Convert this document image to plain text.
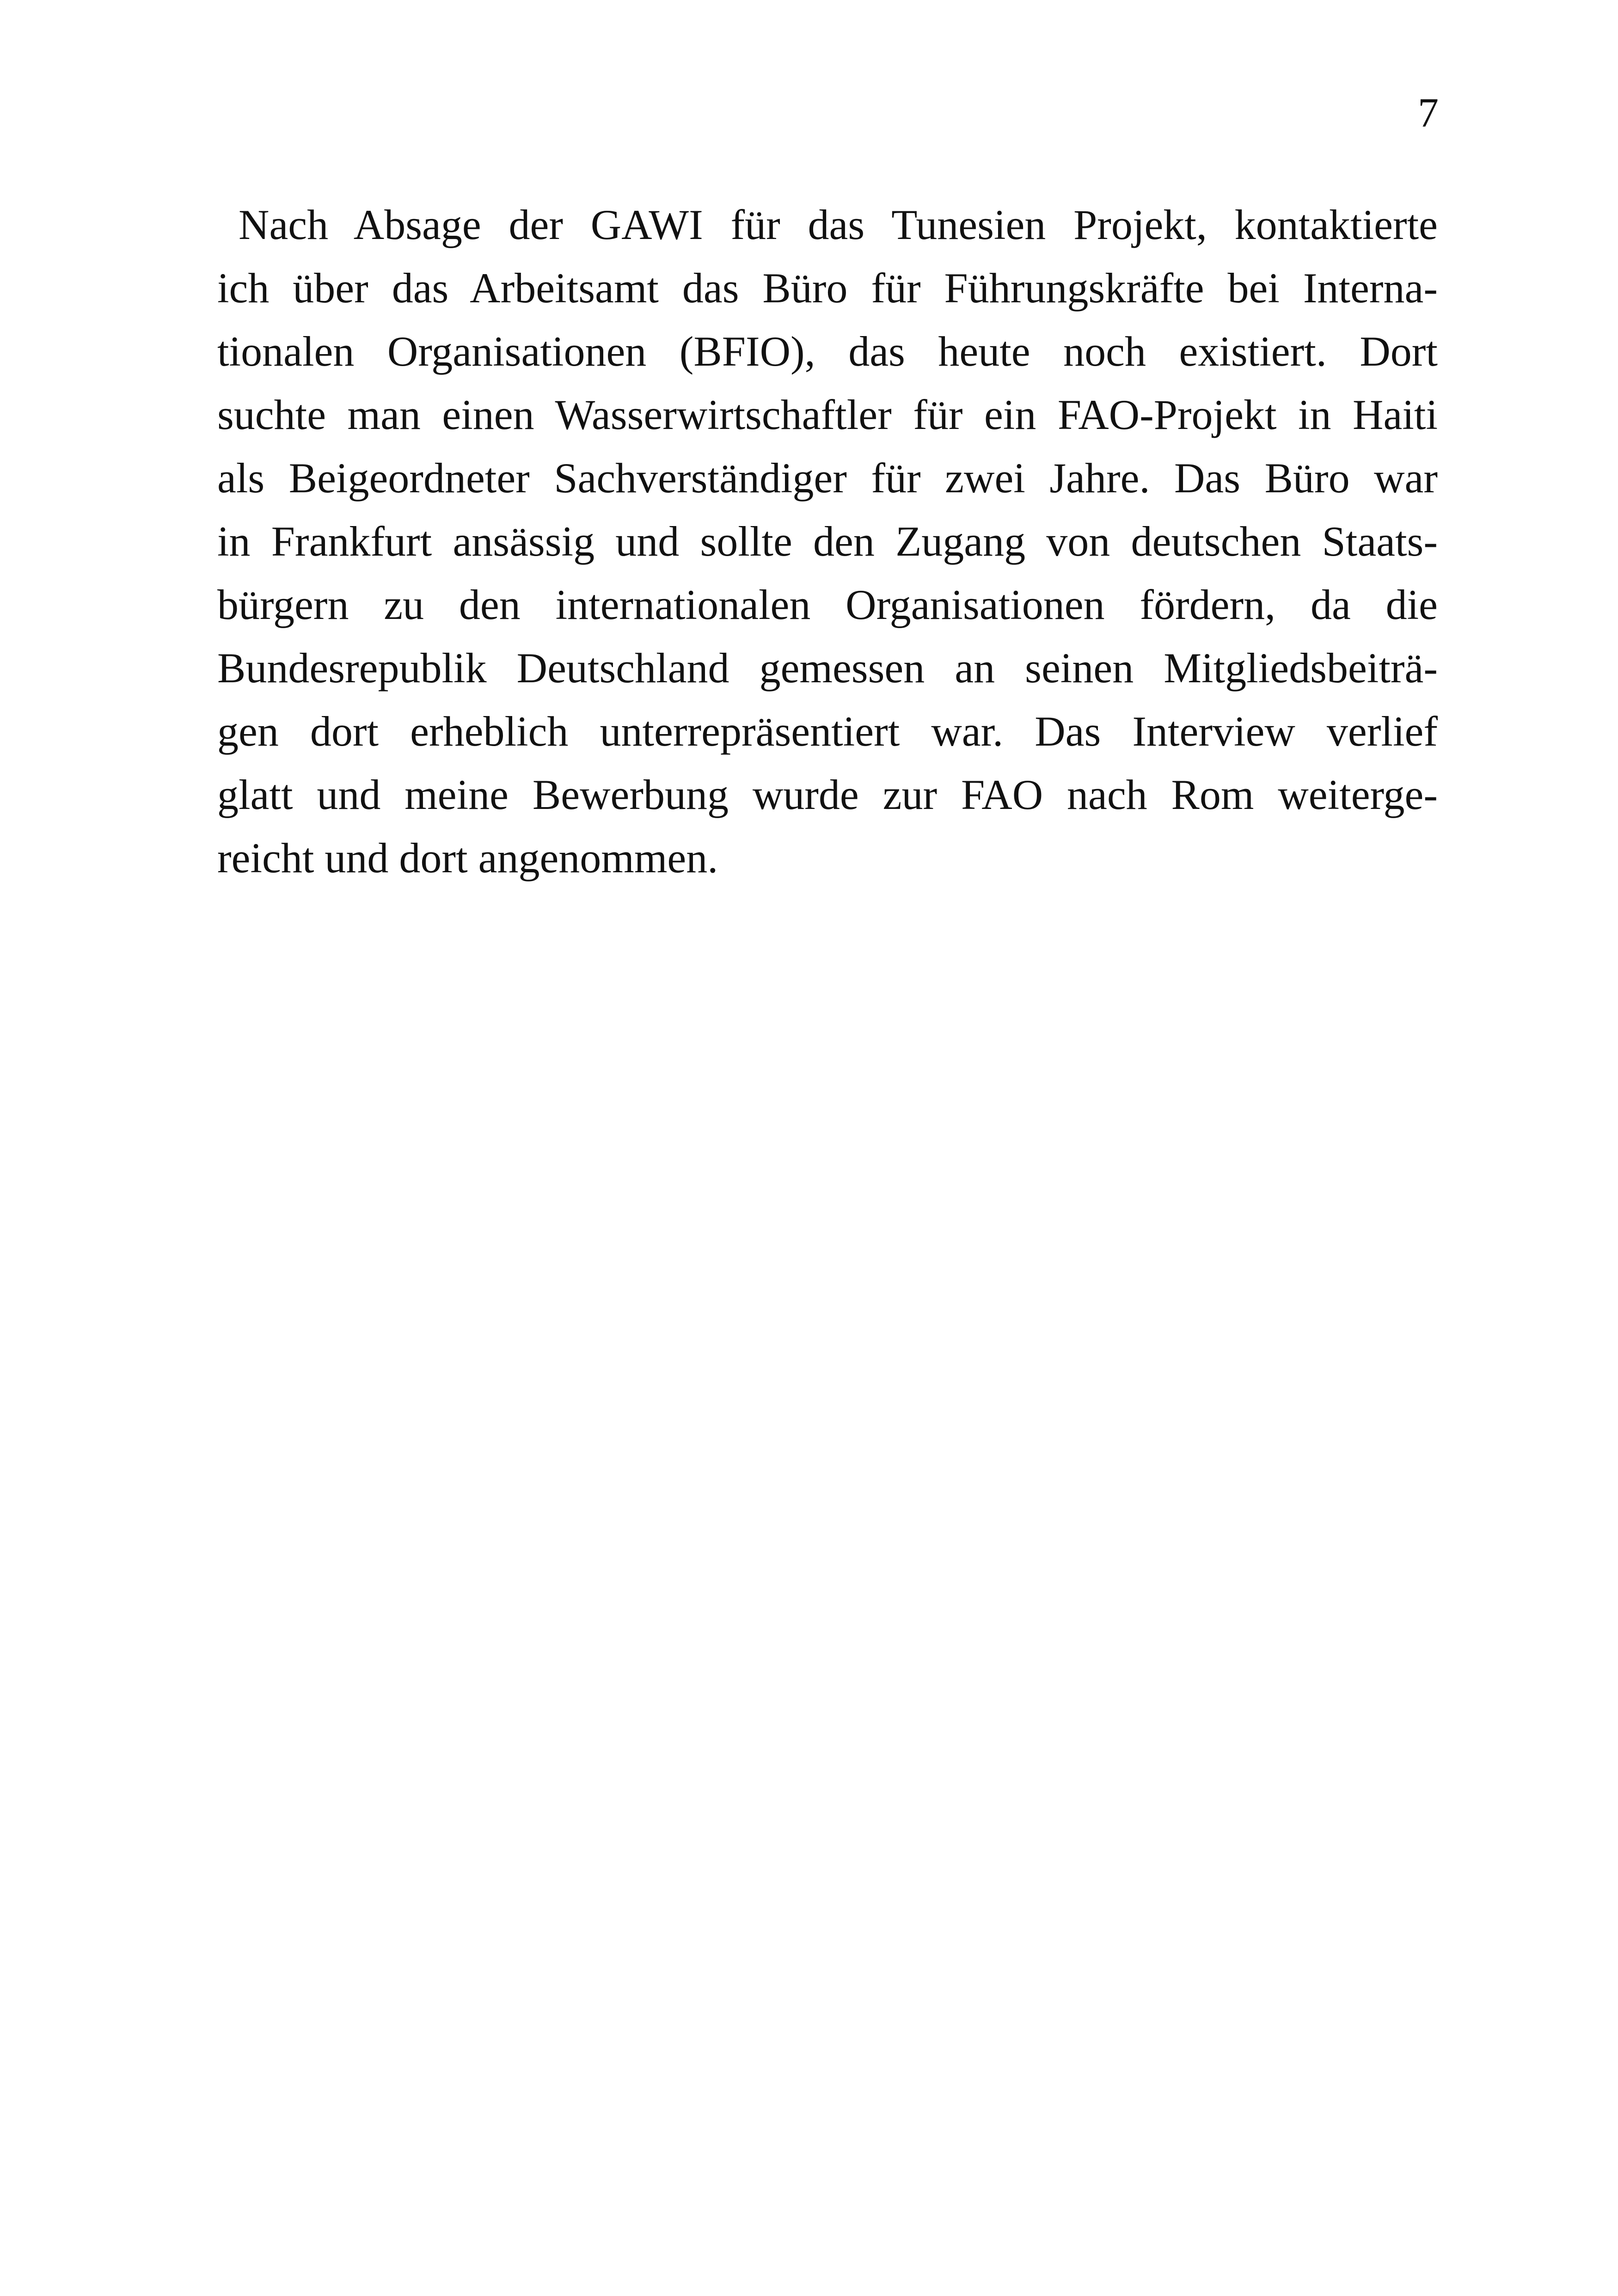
7

Nach Absage der GAWI für das Tunesien Projekt, kontaktierte
ich über das Arbeitsamt das Büro für Führungskräfte bei Interna-
tionalen Organisationen (BFIO), das heute noch existiert. Dort
suchte man einen Wasserwirtschaftler für ein FAO-Projekt in Haiti
als Beigeordneter Sachverständiger für zwei Jahre. Das Büro war
in Frankfurt ansässig und sollte den Zugang von deutschen Staats-
bürgern zu den internationalen Organisationen fördern, da die
Bundesrepublik Deutschland gemessen an seinen Mitgliedsbeiträ-
gen dort erheblich unterrepräsentiert war. Das Interview verlief
glatt und meine Bewerbung wurde zur FAO nach Rom weiterge-
reicht und dort angenommen.
